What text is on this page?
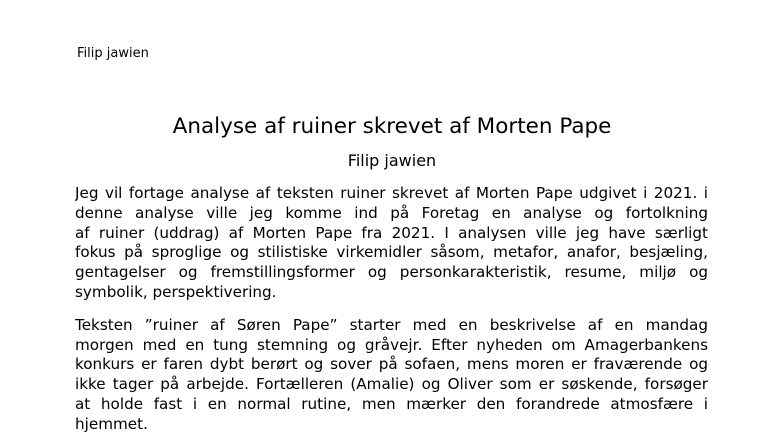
Filip jawien
Analyse af ruiner skrevet af Morten Pape
Filip jawien
Jeg vil fortage analyse af teksten ruiner skrevet af Morten Pape udgivet i 2021. i
denne analyse ville jeg komme ind på Foretag en analyse og fortolkning
af ruiner (uddrag) af Morten Pape fra 2021. I analysen ville jeg have særligt
fokus på sproglige og stilistiske virkemidler såsom, metafor, anafor, besjæling,
gentagelser og fremstillingsformer og personkarakteristik, resume, miljø og
symbolik, perspektivering.
Teksten ”ruiner af Søren Pape” starter med en beskrivelse af en mandag
morgen med en tung stemning og gråvejr. Efter nyheden om Amagerbankens
konkurs er faren dybt berørt og sover på sofaen, mens moren er fraværende og
ikke tager på arbejde. Fortælleren (Amalie) og Oliver som er søskende, forsøger
at holde fast i en normal rutine, men mærker den forandrede atmosfære i
hjemmet.
